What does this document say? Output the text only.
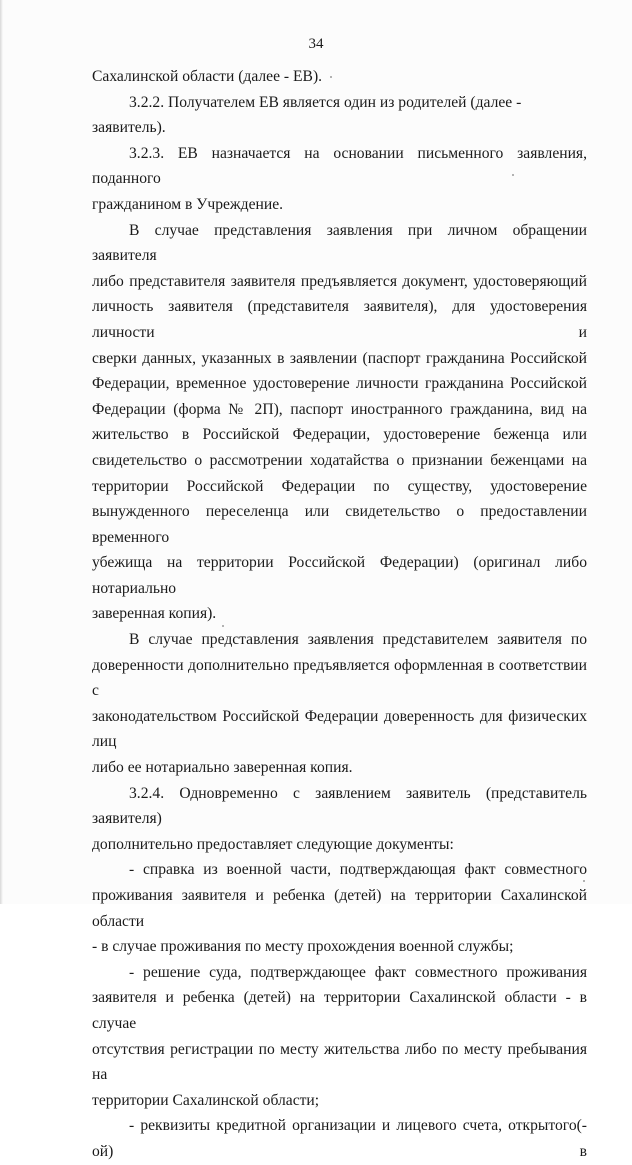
34

Сахалинской области (далее - ЕВ).

3.2.2. Получателем ЕВ является один из родителей (далее - заявитель).

3.2.3. ЕВ назначается на основании письменного заявления, поданного
гражданином в Учреждение.

В случае представления заявления при личном обращении заявителя
либо представителя заявителя предъявляется документ, удостоверяющий
личность заявителя (представителя заявителя), для удостоверения личности и
сверки данных, указанных в заявлении (паспорт гражданина Российской
Федерации, временное удостоверение личности гражданина Российской
Федерации (форма № 2П), паспорт иностранного гражданина, вид на
жительство в Российской Федерации, удостоверение беженца или
свидетельство о рассмотрении ходатайства о признании беженцами на
территории Российской Федерации по существу, удостоверение
вынужденного переселенца или свидетельство о предоставлении временного
убежища на территории Российской Федерации) (оригинал либо нотариально
заверенная копия).

В случае представления заявления представителем заявителя по
доверенности дополнительно предъявляется оформленная в соответствии с
законодательством Российской Федерации доверенность для физических лиц
либо ее нотариально заверенная копия.

3.2.4. Одновременно с заявлением заявитель (представитель заявителя)
дополнительно предоставляет следующие документы:

- справка из военной части, подтверждающая факт совместного
проживания заявителя и ребенка (детей) на территории Сахалинской области
- в случае проживания по месту прохождения военной службы;

- решение суда, подтверждающее факт совместного проживания
заявителя и ребенка (детей) на территории Сахалинской области - в случае
отсутствия регистрации по месту жительства либо по месту пребывания на
территории Сахалинской области;

- реквизиты кредитной организации и лицевого счета, открытого(-ой) в
